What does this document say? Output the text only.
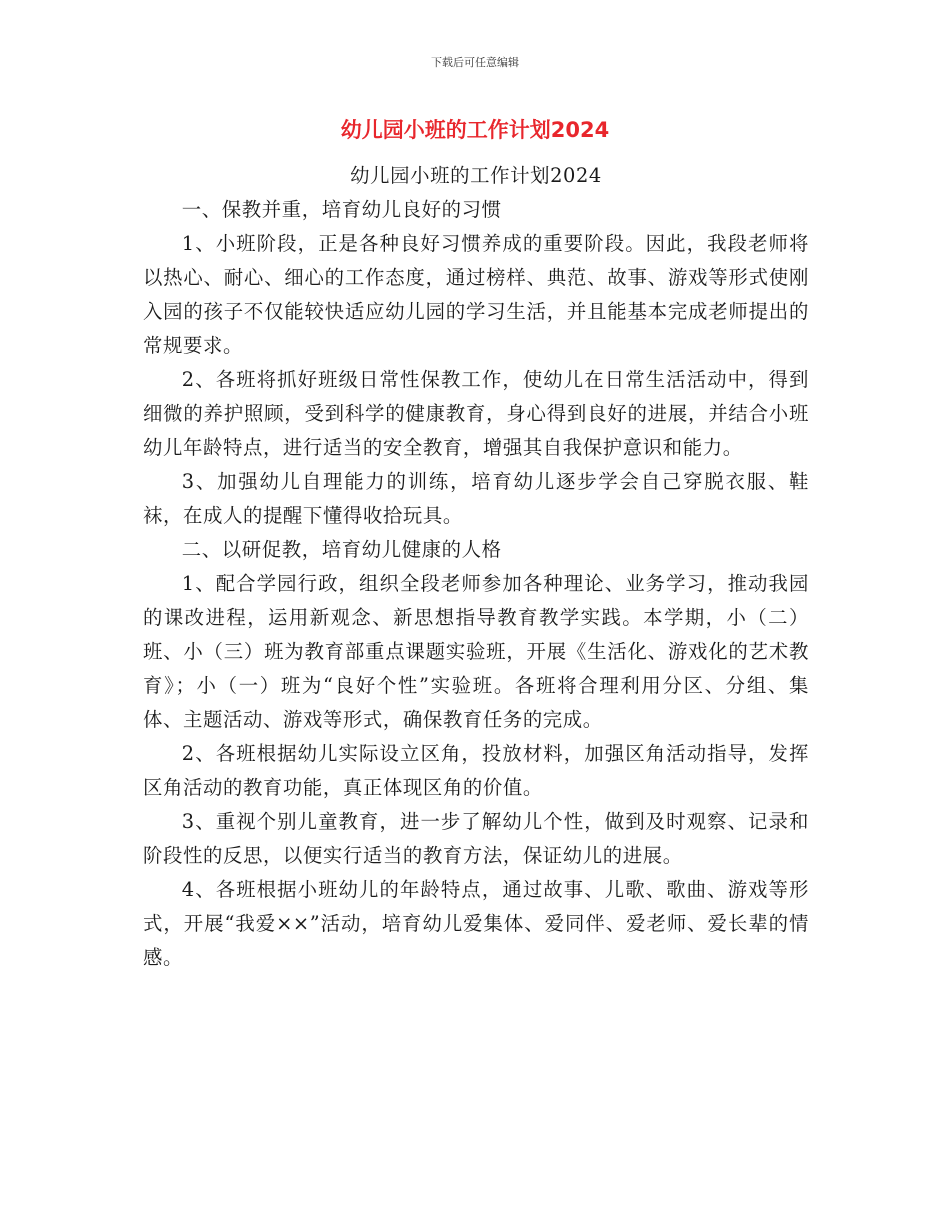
下载后可任意编辑
幼儿园小班的工作计划2024

幼儿园小班的工作计划2024

一、保教并重，培育幼儿良好的习惯

1、小班阶段，正是各种良好习惯养成的重要阶段。因此，我段老师将以热心、耐心、细心的工作态度，通过榜样、典范、故事、游戏等形式使刚入园的孩子不仅能较快适应幼儿园的学习生活，并且能基本完成老师提出的常规要求。

2、各班将抓好班级日常性保教工作，使幼儿在日常生活活动中，得到细微的养护照顾，受到科学的健康教育，身心得到良好的进展，并结合小班幼儿年龄特点，进行适当的安全教育，增强其自我保护意识和能力。

3、加强幼儿自理能力的训练，培育幼儿逐步学会自己穿脱衣服、鞋袜，在成人的提醒下懂得收拾玩具。

二、以研促教，培育幼儿健康的人格

1、配合学园行政，组织全段老师参加各种理论、业务学习，推动我园的课改进程，运用新观念、新思想指导教育教学实践。本学期，小（二）班、小（三）班为教育部重点课题实验班，开展《生活化、游戏化的艺术教育》；小（一）班为“良好个性”实验班。各班将合理利用分区、分组、集体、主题活动、游戏等形式，确保教育任务的完成。

2、各班根据幼儿实际设立区角，投放材料，加强区角活动指导，发挥区角活动的教育功能，真正体现区角的价值。

3、重视个别儿童教育，进一步了解幼儿个性，做到及时观察、记录和阶段性的反思，以便实行适当的教育方法，保证幼儿的进展。

4、各班根据小班幼儿的年龄特点，通过故事、儿歌、歌曲、游戏等形式，开展“我爱××”活动，培育幼儿爱集体、爱同伴、爱老师、爱长辈的情感。
